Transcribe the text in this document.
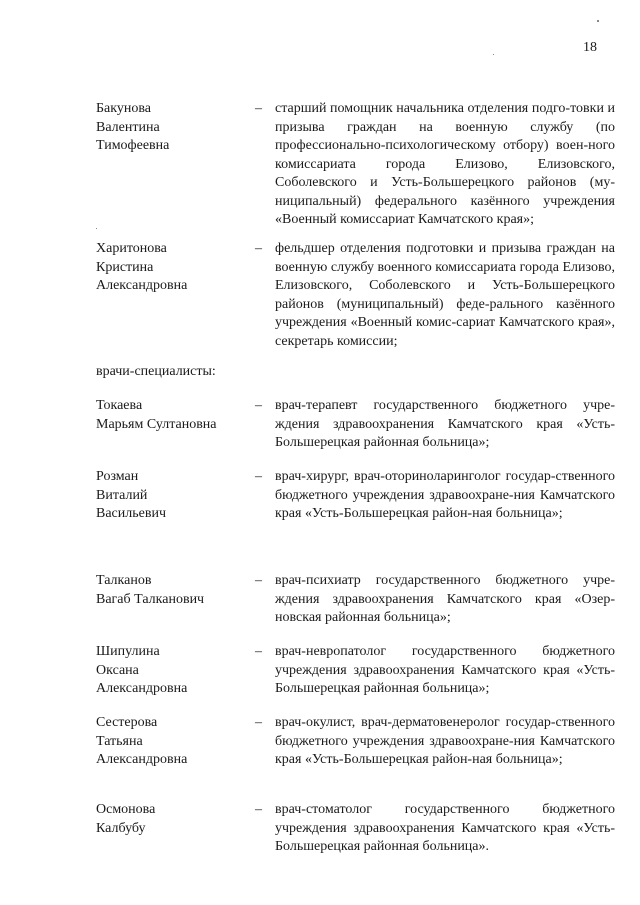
18
Бакунова
Валентина
Тимофеевна
– старший помощник начальника отделения подго-товки и призыва граждан на военную службу (по профессионально-психологическому отбору) воен-ного комиссариата города Елизово, Елизовского, Соболевского и Усть-Большерецкого районов (му-ниципальный) федерального казённого учреждения «Военный комиссариат Камчатского края»;
Харитонова
Кристина
Александровна
– фельдшер отделения подготовки и призыва граждан на военную службу военного комиссариата города Елизово, Елизовского, Соболевского и Усть-Большерецкого районов (муниципальный) феде-рального казённого учреждения «Военный комис-сариат Камчатского края», секретарь комиссии;
врачи-специалисты:
Токаева
Марьям Султановна
– врач-терапевт государственного бюджетного учре-ждения здравоохранения Камчатского края «Усть-Большерецкая районная больница»;
Розман
Виталий
Васильевич
– врач-хирург, врач-оториноларинголог государ-ственного бюджетного учреждения здравоохране-ния Камчатского края «Усть-Большерецкая район-ная больница»;
Талканов
Вагаб Талканович
– врач-психиатр государственного бюджетного учре-ждения здравоохранения Камчатского края «Озер-новская районная больница»;
Шипулина
Оксана
Александровна
– врач-невропатолог государственного бюджетного учреждения здравоохранения Камчатского края «Усть-Большерецкая районная больница»;
Сестерова
Татьяна
Александровна
– врач-окулист, врач-дерматовенеролог государ-ственного бюджетного учреждения здравоохране-ния Камчатского края «Усть-Большерецкая район-ная больница»;
Осмонова
Калбубу
– врач-стоматолог государственного бюджетного учреждения здравоохранения Камчатского края «Усть-Большерецкая районная больница».
